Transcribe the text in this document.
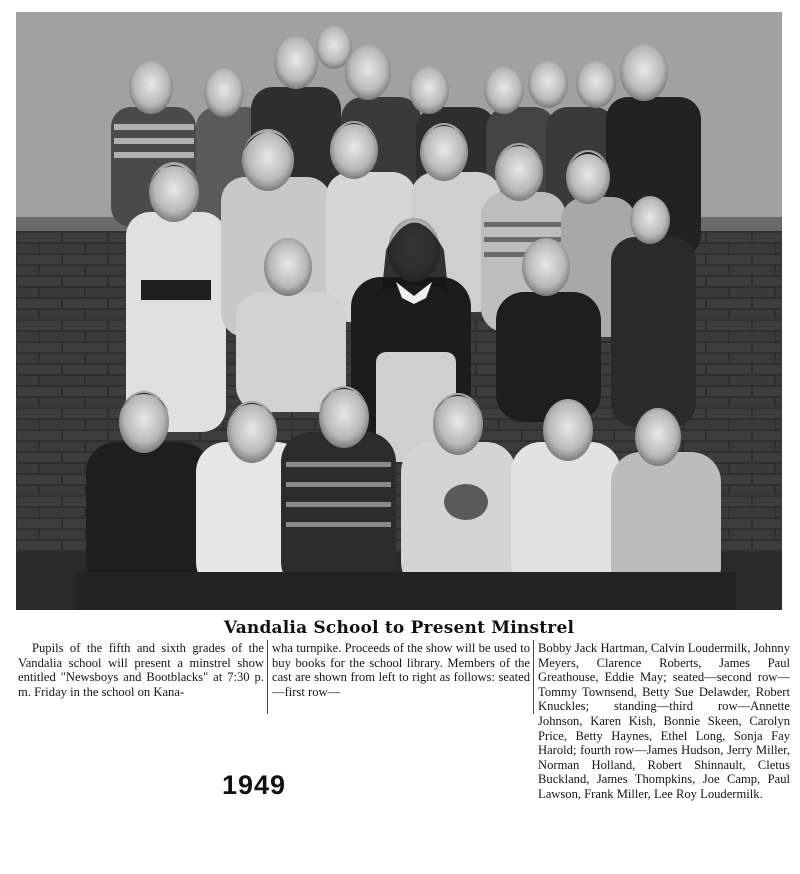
Vandalia School to Present Minstrel

Pupils of the fifth and sixth grades of the Vandalia school will present a minstrel show entitled "Newsboys and Bootblacks" at 7:30 p. m. Friday in the school on Kana-

wha turnpike. Proceeds of the show will be used to buy books for the school library. Members of the cast are shown from left to right as follows: seated—first row—

Bobby Jack Hartman, Calvin Loudermilk, Johnny Meyers, Clarence Roberts, James Paul Greathouse, Eddie May; seated—second row—Tommy Townsend, Betty Sue Delawder, Robert Knuckles; standing—third row—Annette Johnson, Karen Kish, Bonnie Skeen, Carolyn Price, Betty Haynes, Ethel Long, Sonja Fay Harold; fourth row—James Hudson, Jerry Miller, Norman Holland, Robert Shinnault, Cletus Buckland, James Thompkins, Joe Camp, Paul Lawson, Frank Miller, Lee Roy Loudermilk.

1949
